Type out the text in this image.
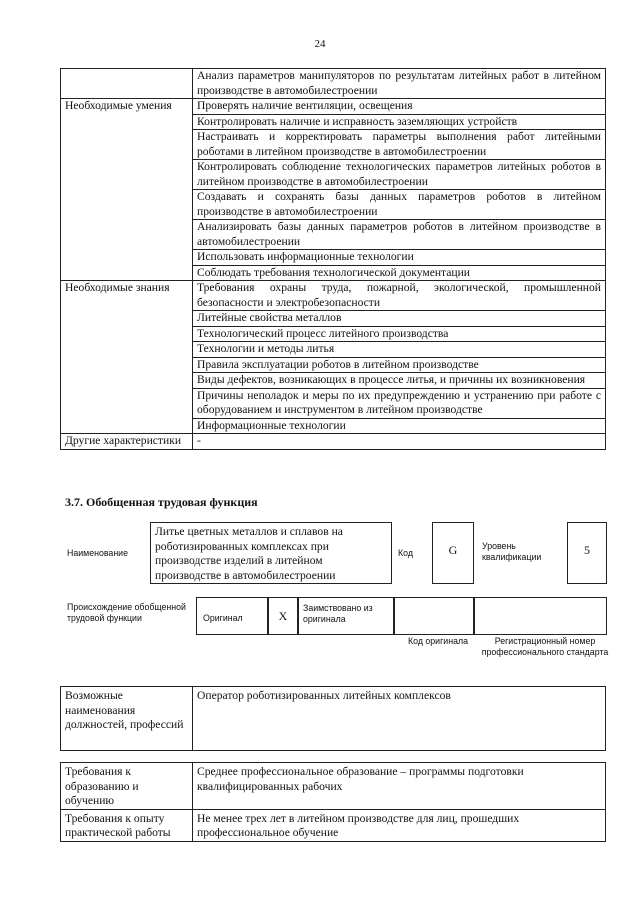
24
	Анализ параметров манипуляторов по результатам литейных работ в литейном производстве в автомобилестроении
Необходимые умения	Проверять наличие вентиляции, освещения
	Контролировать наличие и исправность заземляющих устройств
	Настраивать и корректировать параметры выполнения работ литейными роботами в литейном производстве в автомобилестроении
	Контролировать соблюдение технологических параметров литейных роботов в литейном производстве в автомобилестроении
	Создавать и сохранять базы данных параметров роботов в литейном производстве в автомобилестроении
	Анализировать базы данных параметров роботов в литейном производстве в автомобилестроении
	Использовать информационные технологии
	Соблюдать требования технологической документации
Необходимые знания	Требования охраны труда, пожарной, экологической, промышленной безопасности и электробезопасности
	Литейные свойства металлов
	Технологический процесс литейного производства
	Технологии и методы литья
	Правила эксплуатации роботов в литейном производстве
	Виды дефектов, возникающих в процессе литья, и причины их возникновения
	Причины неполадок и меры по их предупреждению и устранению при работе с оборудованием и инструментом в литейном производстве
	Информационные технологии
Другие характеристики	-
3.7. Обобщенная трудовая функция
Наименование
Литье цветных металлов и сплавов на роботизированных комплексах при производстве изделий в литейном производстве в автомобилестроении
Код	G	Уровень квалификации	5
Происхождение обобщенной трудовой функции	Оригинал	X
Заимствовано из оригинала
Код оригинала	Регистрационный номер профессионального стандарта
Возможные наименования должностей, профессий	Оператор роботизированных литейных комплексов
Требования к образованию и обучению	Среднее профессиональное образование – программы подготовки квалифицированных рабочих
Требования к опыту практической работы	Не менее трех лет в литейном производстве для лиц, прошедших профессиональное обучение
